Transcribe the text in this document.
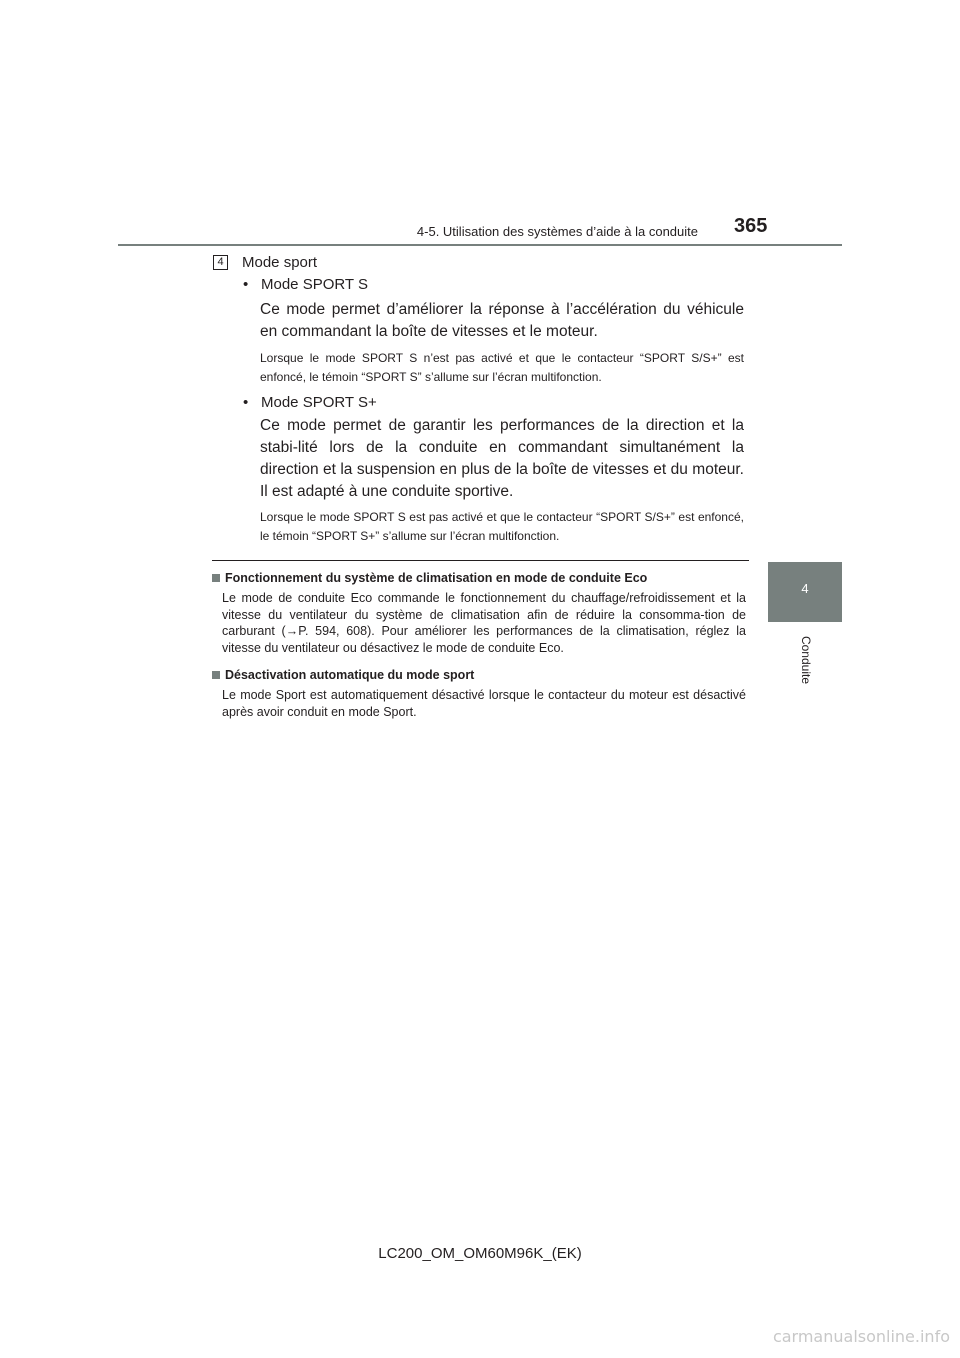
4-5. Utilisation des systèmes d’aide à la conduite 365
4
Conduite
4 Mode sport
• Mode SPORT S

Ce mode permet d’améliorer la réponse à l’accélération du véhicule en commandant la boîte de vitesses et le moteur.

Lorsque le mode SPORT S n’est pas activé et que le contacteur “SPORT S/S+” est enfoncé, le témoin “SPORT S” s’allume sur l’écran multifonction.

• Mode SPORT S+

Ce mode permet de garantir les performances de la direction et la stabi-lité lors de la conduite en commandant simultanément la direction et la suspension en plus de la boîte de vitesses et du moteur. Il est adapté à une conduite sportive.

Lorsque le mode SPORT S est pas activé et que le contacteur “SPORT S/S+” est enfoncé, le témoin “SPORT S+” s’allume sur l’écran multifonction.

Fonctionnement du système de climatisation en mode de conduite Eco
Le mode de conduite Eco commande le fonctionnement du chauffage/refroidissement et la vitesse du ventilateur du système de climatisation afin de réduire la consomma-tion de carburant (→P. 594, 608). Pour améliorer les performances de la climatisation, réglez la vitesse du ventilateur ou désactivez le mode de conduite Eco.
Désactivation automatique du mode sport
Le mode Sport est automatiquement désactivé lorsque le contacteur du moteur est désactivé après avoir conduit en mode Sport.
LC200_OM_OM60M96K_(EK)
carmanualsonline.info
